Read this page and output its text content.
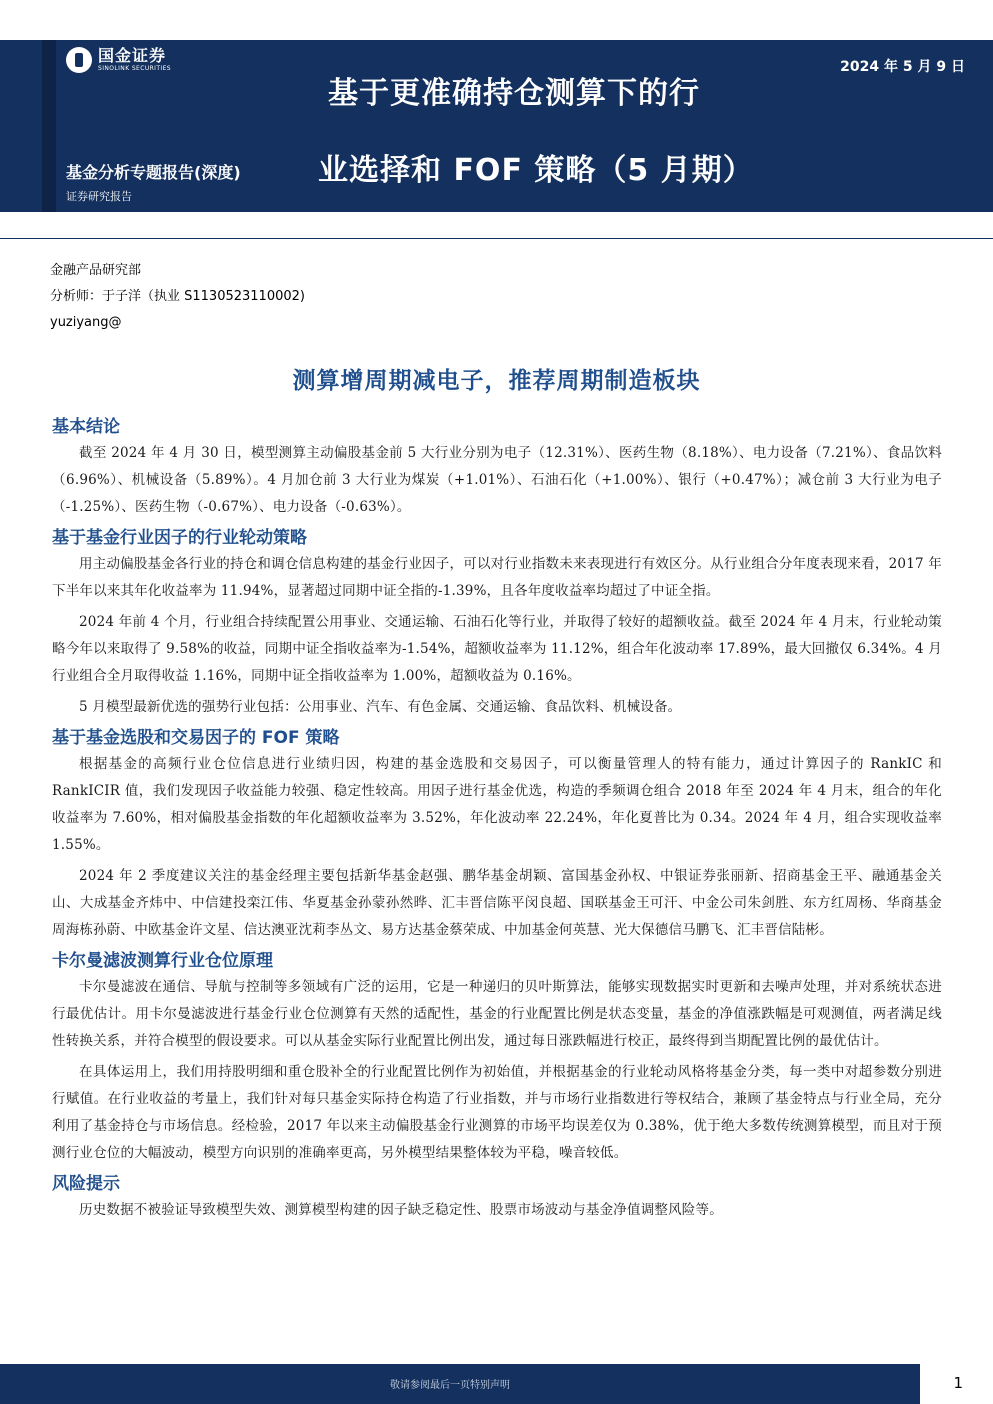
国金证券
SINOLINK SECURITIES	2024 年 5 月 9 日
基于更准确持仓测算下的行
业选择和 FOF 策略（5 月期）
基金分析专题报告(深度)
证券研究报告
金融产品研究部
分析师：于子洋（执业 S1130523110002)
yuziyang@
测算增周期减电子，推荐周期制造板块
基本结论

截至 2024 年 4 月 30 日，模型测算主动偏股基金前 5 大行业分别为电子（12.31%）、医药生物（8.18%）、电力设备（7.21%）、食品饮料（6.96%）、机械设备（5.89%）。4 月加仓前 3 大行业为煤炭（+1.01%）、石油石化（+1.00%）、银行（+0.47%）；减仓前 3 大行业为电子（-1.25%）、医药生物（-0.67%）、电力设备（-0.63%）。

基于基金行业因子的行业轮动策略

用主动偏股基金各行业的持仓和调仓信息构建的基金行业因子，可以对行业指数未来表现进行有效区分。从行业组合分年度表现来看，2017 年下半年以来其年化收益率为 11.94%，显著超过同期中证全指的-1.39%，且各年度收益率均超过了中证全指。

2024 年前 4 个月，行业组合持续配置公用事业、交通运输、石油石化等行业，并取得了较好的超额收益。截至 2024 年 4 月末，行业轮动策略今年以来取得了 9.58%的收益，同期中证全指收益率为-1.54%，超额收益率为 11.12%，组合年化波动率 17.89%，最大回撤仅 6.34%。4 月行业组合全月取得收益 1.16%，同期中证全指收益率为 1.00%，超额收益为 0.16%。

5 月模型最新优选的强势行业包括：公用事业、汽车、有色金属、交通运输、食品饮料、机械设备。

基于基金选股和交易因子的 FOF 策略

根据基金的高频行业仓位信息进行业绩归因，构建的基金选股和交易因子，可以衡量管理人的特有能力，通过计算因子的 RankIC 和 RankICIR 值，我们发现因子收益能力较强、稳定性较高。用因子进行基金优选，构造的季频调仓组合 2018 年至 2024 年 4 月末，组合的年化收益率为 7.60%，相对偏股基金指数的年化超额收益率为 3.52%，年化波动率 22.24%，年化夏普比为 0.34。2024 年 4 月，组合实现收益率 1.55%。

2024 年 2 季度建议关注的基金经理主要包括新华基金赵强、鹏华基金胡颖、富国基金孙权、中银证券张丽新、招商基金王平、融通基金关山、大成基金齐炜中、中信建投栾江伟、华夏基金孙蒙孙然晔、汇丰晋信陈平闵良超、国联基金王可汗、中金公司朱剑胜、东方红周杨、华商基金周海栋孙蔚、中欧基金许文星、信达澳亚沈莉李丛文、易方达基金蔡荣成、中加基金何英慧、光大保德信马鹏飞、汇丰晋信陆彬。

卡尔曼滤波测算行业仓位原理

卡尔曼滤波在通信、导航与控制等多领域有广泛的运用，它是一种递归的贝叶斯算法，能够实现数据实时更新和去噪声处理，并对系统状态进行最优估计。用卡尔曼滤波进行基金行业仓位测算有天然的适配性，基金的行业配置比例是状态变量，基金的净值涨跌幅是可观测值，两者满足线性转换关系，并符合模型的假设要求。可以从基金实际行业配置比例出发，通过每日涨跌幅进行校正，最终得到当期配置比例的最优估计。

在具体运用上，我们用持股明细和重仓股补全的行业配置比例作为初始值，并根据基金的行业轮动风格将基金分类，每一类中对超参数分别进行赋值。在行业收益的考量上，我们针对每只基金实际持仓构造了行业指数，并与市场行业指数进行等权结合，兼顾了基金特点与行业全局，充分利用了基金持仓与市场信息。经检验，2017 年以来主动偏股基金行业测算的市场平均误差仅为 0.38%，优于绝大多数传统测算模型，而且对于预测行业仓位的大幅波动，模型方向识别的准确率更高，另外模型结果整体较为平稳，噪音较低。

风险提示

历史数据不被验证导致模型失效、测算模型构建的因子缺乏稳定性、股票市场波动与基金净值调整风险等。

敬请参阅最后一页特别声明	1
